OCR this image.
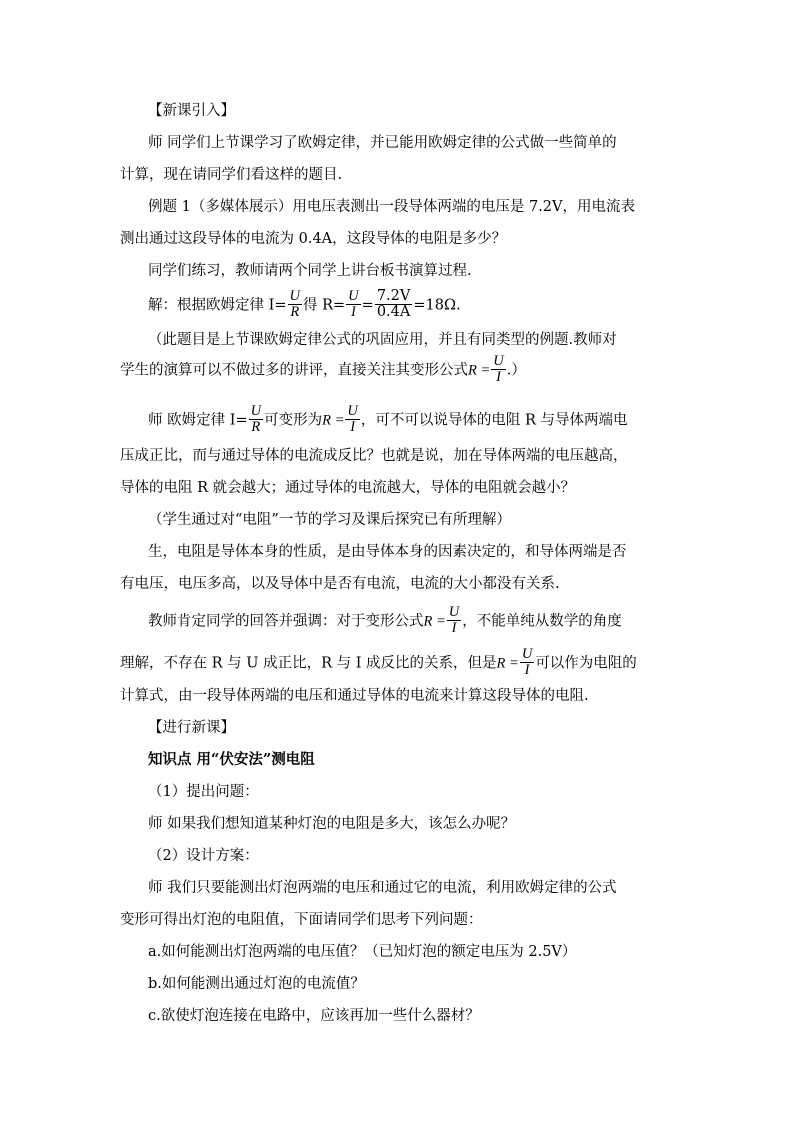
【新课引入】
师 同学们上节课学习了欧姆定律，并已能用欧姆定律的公式做一些简单的
计算，现在请同学们看这样的题目.
例题 1（多媒体展示）用电压表测出一段导体两端的电压是 7.2V，用电流表
测出通过这段导体的电流为 0.4A，这段导体的电阻是多少？
同学们练习，教师请两个同学上讲台板书演算过程.
解：根据欧姆定律 $I= \frac{U}{R}$ 得 $R= \frac{U}{I} = \frac{7.2V}{0.4A} =18\Omega$.
（此题目是上节课欧姆定律公式的巩固应用，并且有同类型的例题.教师对
学生的演算可以不做过多的讲评，直接关注其变形公式$R = \frac{U}{I}$ .）
师 欧姆定律 $I= \frac{U}{R}$ 可变形为$R = \frac{U}{I}$ ，可不可以说导体的电阻 R 与导体两端电
压成正比，而与通过导体的电流成反比？也就是说，加在导体两端的电压越高，
导体的电阻 R 就会越大；通过导体的电流越大，导体的电阻就会越小？
（学生通过对“电阻”一节的学习及课后探究已有所理解）
生，电阻是导体本身的性质，是由导体本身的因素决定的，和导体两端是否
有电压，电压多高，以及导体中是否有电流，电流的大小都没有关系.
教师肯定同学的回答并强调：对于变形公式$R = \frac{U}{I}$ ，不能单纯从数学的角度
理解，不存在 R 与 U 成正比，R 与 I 成反比的关系，但是$R = \frac{U}{I}$ 可以作为电阻的
计算式，由一段导体两端的电压和通过导体的电流来计算这段导体的电阻.
【进行新课】
知识点 用“伏安法”测电阻
（1）提出问题：
师 如果我们想知道某种灯泡的电阻是多大，该怎么办呢？
（2）设计方案：
师 我们只要能测出灯泡两端的电压和通过它的电流，利用欧姆定律的公式
变形可得出灯泡的电阻值，下面请同学们思考下列问题：
a.如何能测出灯泡两端的电压值？（已知灯泡的额定电压为 2.5V）
b.如何能测出通过灯泡的电流值？
c.欲使灯泡连接在电路中，应该再加一些什么器材？
